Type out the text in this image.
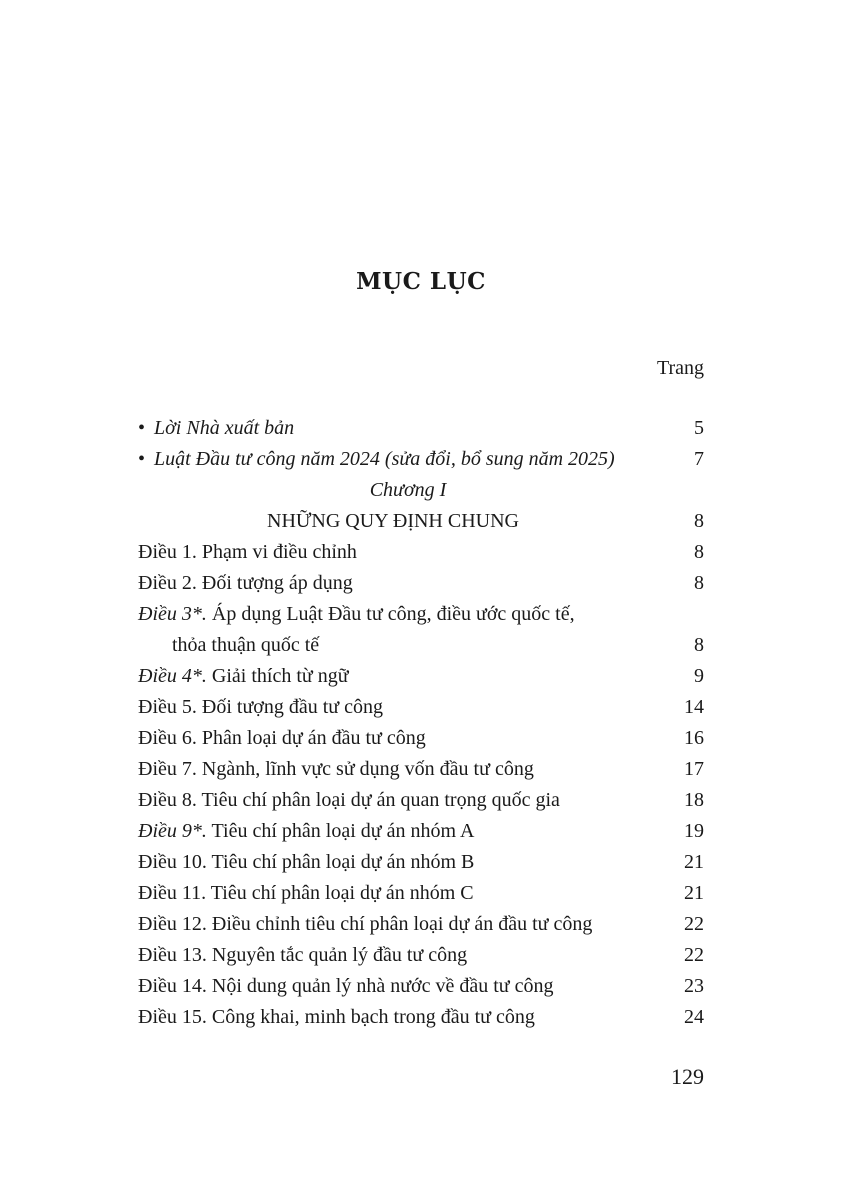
MỤC LỤC
Trang
• Lời Nhà xuất bản	5
• Luật Đầu tư công năm 2024 (sửa đổi, bổ sung năm 2025)	7
Chương I
NHỮNG QUY ĐỊNH CHUNG	8
Điều 1. Phạm vi điều chỉnh	8
Điều 2. Đối tượng áp dụng	8
Điều 3*. Áp dụng Luật Đầu tư công, điều ước quốc tế,
thỏa thuận quốc tế	8
Điều 4*. Giải thích từ ngữ	9
Điều 5. Đối tượng đầu tư công	14
Điều 6. Phân loại dự án đầu tư công	16
Điều 7. Ngành, lĩnh vực sử dụng vốn đầu tư công	17
Điều 8. Tiêu chí phân loại dự án quan trọng quốc gia	18
Điều 9*. Tiêu chí phân loại dự án nhóm A	19
Điều 10. Tiêu chí phân loại dự án nhóm B	21
Điều 11. Tiêu chí phân loại dự án nhóm C	21
Điều 12. Điều chỉnh tiêu chí phân loại dự án đầu tư công	22
Điều 13. Nguyên tắc quản lý đầu tư công	22
Điều 14. Nội dung quản lý nhà nước về đầu tư công	23
Điều 15. Công khai, minh bạch trong đầu tư công	24
129
